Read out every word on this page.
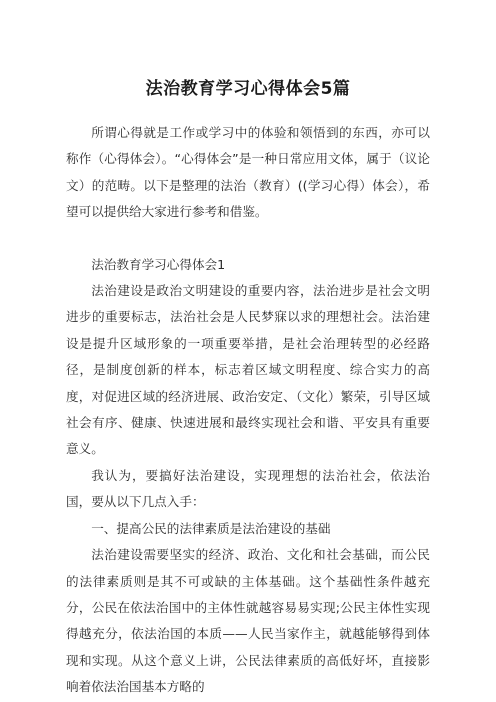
法治教育学习心得体会5篇

所谓心得就是工作或学习中的体验和领悟到的东西，亦可以称作（心得体会）。“心得体会”是一种日常应用文体，属于（议论文）的范畴。以下是整理的法治（教育）((学习心得）体会），希望可以提供给大家进行参考和借鉴。

法治教育学习心得体会1

法治建设是政治文明建设的重要内容，法治进步是社会文明进步的重要标志，法治社会是人民梦寐以求的理想社会。法治建设是提升区域形象的一项重要举措，是社会治理转型的必经路径，是制度创新的样本，标志着区域文明程度、综合实力的高度，对促进区域的经济进展、政治安定、（文化）繁荣，引导区域社会有序、健康、快速进展和最终实现社会和谐、平安具有重要意义。

我认为，要搞好法治建设，实现理想的法治社会，依法治国，要从以下几点入手：

一、提高公民的法律素质是法治建设的基础

法治建设需要坚实的经济、政治、文化和社会基础，而公民的法律素质则是其不可或缺的主体基础。这个基础性条件越充分，公民在依法治国中的主体性就越容易易实现;公民主体性实现得越充分，依法治国的本质——人民当家作主，就越能够得到体现和实现。从这个意义上讲，公民法律素质的高低好坏，直接影响着依法治国基本方略的
